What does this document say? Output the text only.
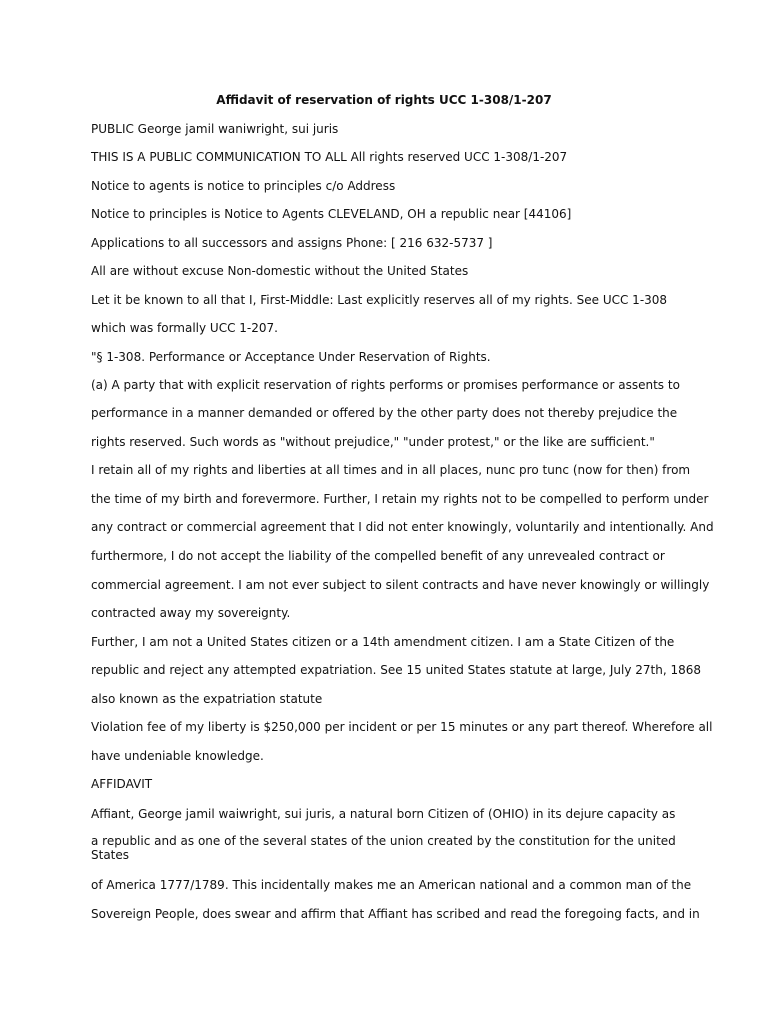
Affidavit of reservation of rights UCC 1-308/1-207

PUBLIC George jamil waniwright, sui juris

THIS IS A PUBLIC COMMUNICATION TO ALL All rights reserved UCC 1-308/1-207

Notice to agents is notice to principles c/o Address

Notice to principles is Notice to Agents CLEVELAND, OH a republic near [44106]

Applications to all successors and assigns Phone: [ 216 632-5737 ]

All are without excuse Non-domestic without the United States

Let it be known to all that I, First-Middle: Last explicitly reserves all of my rights. See UCC 1-308

which was formally UCC 1-207.

"§ 1-308. Performance or Acceptance Under Reservation of Rights.

(a) A party that with explicit reservation of rights performs or promises performance or assents to

performance in a manner demanded or offered by the other party does not thereby prejudice the

rights reserved. Such words as "without prejudice," "under protest," or the like are sufficient."

I retain all of my rights and liberties at all times and in all places, nunc pro tunc (now for then) from

the time of my birth and forevermore. Further, I retain my rights not to be compelled to perform under

any contract or commercial agreement that I did not enter knowingly, voluntarily and intentionally. And

furthermore, I do not accept the liability of the compelled benefit of any unrevealed contract or

commercial agreement. I am not ever subject to silent contracts and have never knowingly or willingly

contracted away my sovereignty.

Further, I am not a United States citizen or a 14th amendment citizen. I am a State Citizen of the

republic and reject any attempted expatriation. See 15 united States statute at large, July 27th, 1868

also known as the expatriation statute

Violation fee of my liberty is $250,000 per incident or per 15 minutes or any part thereof. Wherefore all

have undeniable knowledge.

AFFIDAVIT

Affiant, George jamil waiwright, sui juris, a natural born Citizen of (OHIO) in its dejure capacity as

a republic and as one of the several states of the union created by the constitution for the united States

of America 1777/1789. This incidentally makes me an American national and a common man of the

Sovereign People, does swear and affirm that Affiant has scribed and read the foregoing facts, and in
